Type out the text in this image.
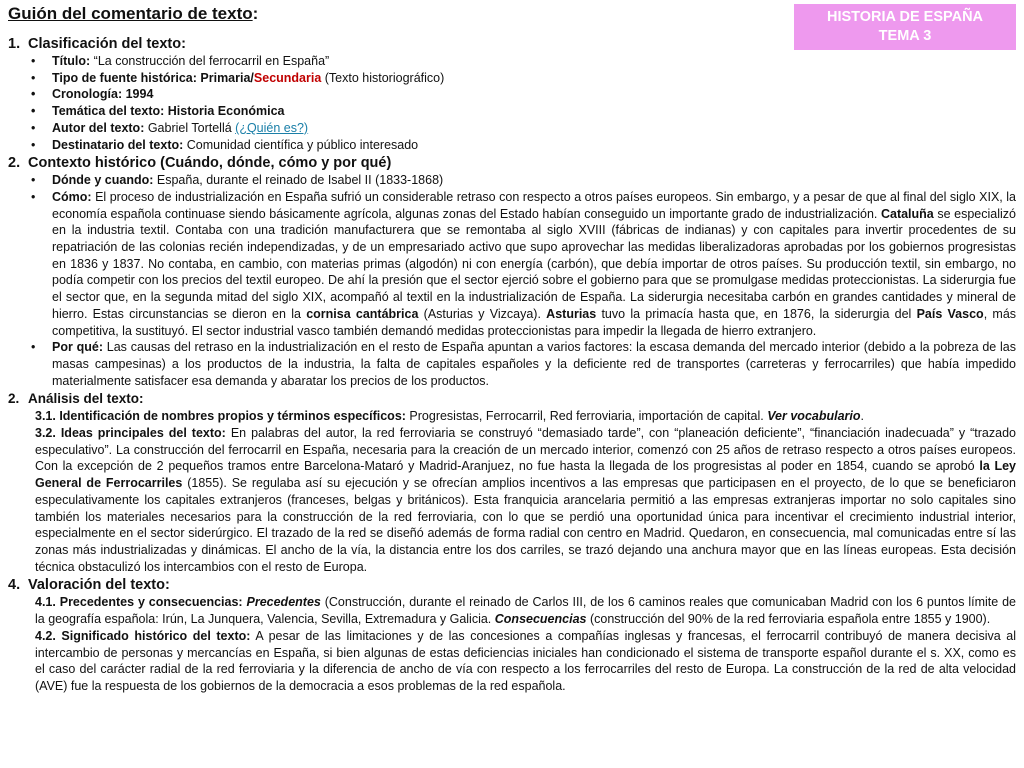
HISTORIA DE ESPAÑA
TEMA 3
Guión del comentario de texto:
1. Clasificación del texto:
• Título: “La construcción del ferrocarril en España”
• Tipo de fuente histórica: Primaria/Secundaria (Texto historiográfico)
• Cronología: 1994
• Temática del texto: Historia Económica
• Autor del texto: Gabriel Tortellá (¿Quién es?)
• Destinatario del texto: Comunidad científica y público interesado
2. Contexto histórico (Cuándo, dónde, cómo y por qué)
• Dónde y cuando: España, durante el reinado de Isabel II (1833-1868)
• Cómo: El proceso de industrialización en España sufrió un considerable retraso con respecto a otros países europeos. Sin embargo, y a pesar de que al final del siglo XIX, la economía española continuase siendo básicamente agrícola, algunas zonas del Estado habían conseguido un importante grado de industrialización. Cataluña se especializó en la industria textil. Contaba con una tradición manufacturera que se remontaba al siglo XVIII (fábricas de indianas) y con capitales para invertir procedentes de su repatriación de las colonias recién independizadas, y de un empresariado activo que supo aprovechar las medidas liberalizadoras aprobadas por los gobiernos progresistas en 1836 y 1837. No contaba, en cambio, con materias primas (algodón) ni con energía (carbón), que debía importar de otros países. Su producción textil, sin embargo, no podía competir con los precios del textil europeo. De ahí la presión que el sector ejerció sobre el gobierno para que se promulgase medidas proteccionistas. La siderurgia fue el sector que, en la segunda mitad del siglo XIX, acompañó al textil en la industrialización de España. La siderurgia necesitaba carbón en grandes cantidades y mineral de hierro. Estas circunstancias se dieron en la cornisa cantábrica (Asturias y Vizcaya). Asturias tuvo la primacía hasta que, en 1876, la siderurgia del País Vasco, más competitiva, la sustituyó. El sector industrial vasco también demandó medidas proteccionistas para impedir la llegada de hierro extranjero.
• Por qué: Las causas del retraso en la industrialización en el resto de España apuntan a varios factores: la escasa demanda del mercado interior (debido a la pobreza de las masas campesinas) a los productos de la industria, la falta de capitales españoles y la deficiente red de transportes (carreteras y ferrocarriles) que había impedido materialmente satisfacer esa demanda y abaratar los precios de los productos.
2. Análisis del texto:
3.1. Identificación de nombres propios y términos específicos: Progresistas, Ferrocarril, Red ferroviaria, importación de capital. Ver vocabulario.
3.2. Ideas principales del texto: En palabras del autor, la red ferroviaria se construyó “demasiado tarde”, con “planeación deficiente”, “financiación inadecuada” y “trazado especulativo”. La construcción del ferrocarril en España, necesaria para la creación de un mercado interior, comenzó con 25 años de retraso respecto a otros países europeos. Con la excepción de 2 pequeños tramos entre Barcelona-Mataró y Madrid-Aranjuez, no fue hasta la llegada de los progresistas al poder en 1854, cuando se aprobó la Ley General de Ferrocarriles (1855). Se regulaba así su ejecución y se ofrecían amplios incentivos a las empresas que participasen en el proyecto, de lo que se beneficiaron especulativamente los capitales extranjeros (franceses, belgas y británicos). Esta franquicia arancelaria permitió a las empresas extranjeras importar no solo capitales sino también los materiales necesarios para la construcción de la red ferroviaria, con lo que se perdió una oportunidad única para incentivar el crecimiento industrial interior, especialmente en el sector siderúrgico. El trazado de la red se diseñó además de forma radial con centro en Madrid. Quedaron, en consecuencia, mal comunicadas entre sí las zonas más industrializadas y dinámicas. El ancho de la vía, la distancia entre los dos carriles, se trazó dejando una anchura mayor que en las líneas europeas. Esta decisión técnica obstaculizó los intercambios con el resto de Europa.
4. Valoración del texto:
4.1. Precedentes y consecuencias: Precedentes (Construcción, durante el reinado de Carlos III, de los 6 caminos reales que comunicaban Madrid con los 6 puntos límite de la geografía española: Irún, La Junquera, Valencia, Sevilla, Extremadura y Galicia. Consecuencias (construcción del 90% de la red ferroviaria española entre 1855 y 1900).
4.2. Significado histórico del texto: A pesar de las limitaciones y de las concesiones a compañías inglesas y francesas, el ferrocarril contribuyó de manera decisiva al intercambio de personas y mercancías en España, si bien algunas de estas deficiencias iniciales han condicionado el sistema de transporte español durante el s. XX, como es el caso del carácter radial de la red ferroviaria y la diferencia de ancho de vía con respecto a los ferrocarriles del resto de Europa. La construcción de la red de alta velocidad (AVE) fue la respuesta de los gobiernos de la democracia a esos problemas de la red española.
